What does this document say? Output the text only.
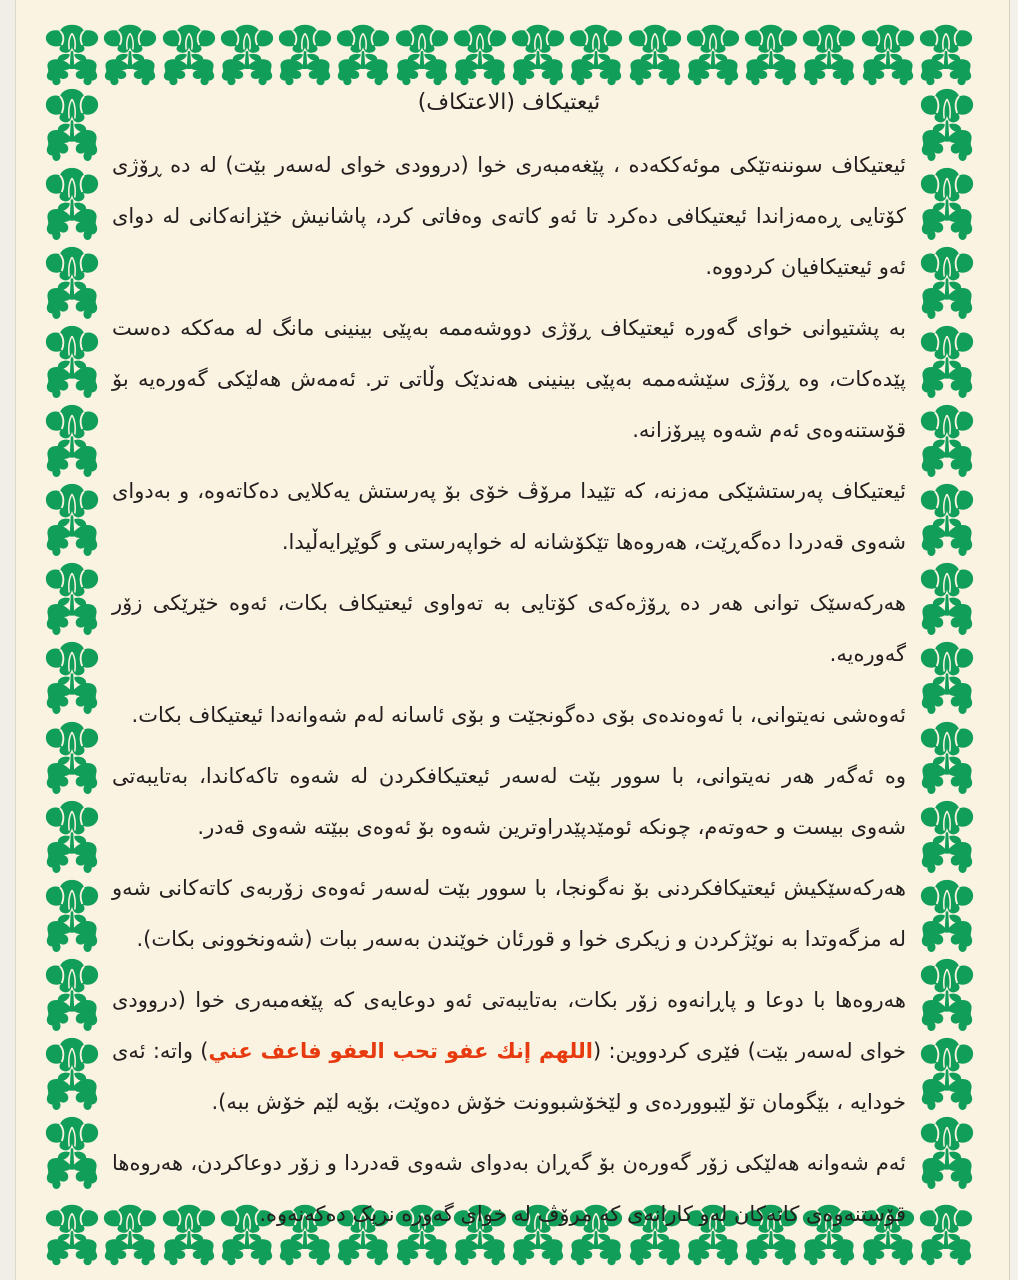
ئیعتیکاف (الاعتكاف)

ئیعتیکاف سوننەتێکی موئەککەدە ، پێغەمبەری خوا (دروودی خوای لەسەر بێت) لە دە ڕۆژی کۆتایی ڕەمەزاندا ئیعتیکافی دەکرد تا ئەو کاتەی وەفاتی کرد، پاشانیش خێزانەکانی لە دوای ئەو ئیعتیکافیان کردووە.

بە پشتیوانی خوای گەورە ئیعتیکاف ڕۆژی دووشەممە بەپێی بینینی مانگ لە مەککە دەست پێدەکات، وە ڕۆژی سێشەممە بەپێی بینینی هەندێک وڵاتی تر. ئەمەش هەلێکی گەورەیە بۆ قۆستنەوەی ئەم شەوە پیرۆزانە.

ئیعتیکاف پەرستشێکی مەزنە، کە تێیدا مرۆڤ خۆی بۆ پەرستش یەکلایی دەکاتەوە، و بەدوای شەوی قەدردا دەگەڕێت، هەروەها تێکۆشانە لە خواپەرستی و گوێڕایەڵیدا.

هەرکەسێک توانی هەر دە ڕۆژەکەی کۆتایی بە تەواوی ئیعتیکاف بکات، ئەوە خێرێکی زۆر گەورەیە.

ئەوەشی نەیتوانی، با ئەوەندەی بۆی دەگونجێت و بۆی ئاسانە لەم شەوانەدا ئیعتیکاف بکات.

وە ئەگەر هەر نەیتوانی، با سوور بێت لەسەر ئیعتیکافکردن لە شەوە تاکەکاندا، بەتایبەتی شەوی بیست و حەوتەم، چونکە ئومێدپێدراوترین شەوە بۆ ئەوەی ببێتە شەوی قەدر.

هەرکەسێکیش ئیعتیکافکردنی بۆ نەگونجا، با سوور بێت لەسەر ئەوەی زۆربەی کاتەکانی شەو لە مزگەوتدا بە نوێژکردن و زیکری خوا و قورئان خوێندن بەسەر ببات (شەونخوونی بکات).

هەروەها با دوعا و پاڕانەوە زۆر بکات، بەتایبەتی ئەو دوعایەی کە پێغەمبەری خوا (دروودی خوای لەسەر بێت) فێری کردووین: (اللهم إنك عفو تحب العفو فاعف عني) واتە: ئەی خودایە ، بێگومان تۆ لێبووردەی و لێخۆشبوونت خۆش دەوێت، بۆیە لێم خۆش ببە).

ئەم شەوانە هەلێکی زۆر گەورەن بۆ گەڕان بەدوای شەوی قەدردا و زۆر دوعاکردن، هەروەها قۆستنەوەی کاتەکان لەو کارانەی کە مرۆڤ لە خوای گەورە نزیک دەکەنەوە.
